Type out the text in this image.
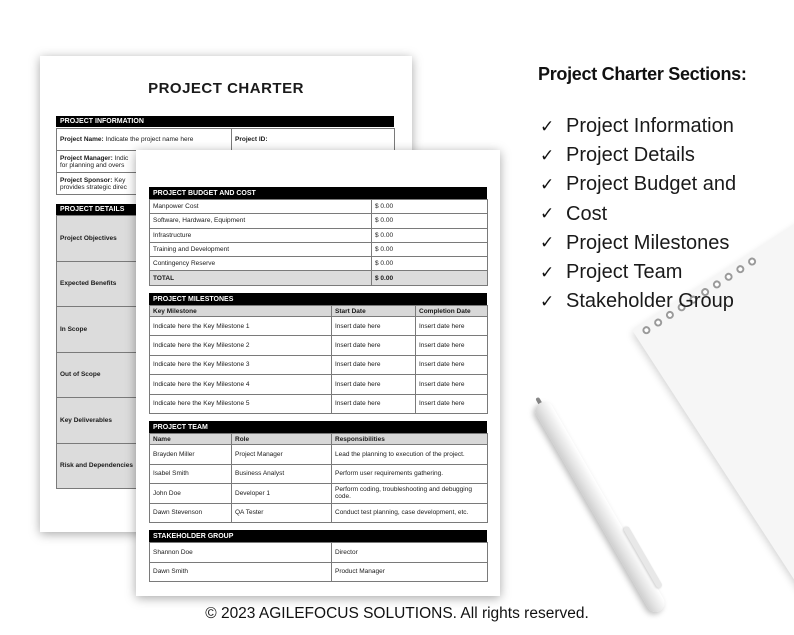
PROJECT CHARTER
PROJECT INFORMATION
Project Name: Indicate the project name here	Project ID:
Project Manager: Indic
for planning and overs	
Project Sponsor: Key
provides strategic direc	
PROJECT DETAILS
Project Objectives	
Expected Benefits	
In Scope	
Out of Scope	
Key Deliverables	
Risk and Dependencies	
PROJECT BUDGET AND COST
Manpower Cost	$ 0.00
Software, Hardware, Equipment	$ 0.00
Infrastructure	$ 0.00
Training and Development	$ 0.00
Contingency Reserve	$ 0.00
TOTAL	$ 0.00
PROJECT MILESTONES
Key Milestone	Start Date	Completion Date
Indicate here the Key Milestone 1	Insert date here	Insert date here
Indicate here the Key Milestone 2	Insert date here	Insert date here
Indicate here the Key Milestone 3	Insert date here	Insert date here
Indicate here the Key Milestone 4	Insert date here	Insert date here
Indicate here the Key Milestone 5	Insert date here	Insert date here
PROJECT TEAM
Name	Role	Responsibilities
Brayden Miller	Project Manager	Lead the planning to execution of the project.
Isabel Smith	Business Analyst	Perform user requirements gathering.
John Doe	Developer 1	Perform coding, troubleshooting and debugging code.
Dawn Stevenson	QA Tester	Conduct test planning, case development, etc.
STAKEHOLDER GROUP
Shannon Doe	Director
Dawn Smith	Product Manager
Project Charter Sections:
✓ Project Information
✓ Project Details
✓ Project Budget and
✓ Cost
✓ Project Milestones
✓ Project Team
✓ Stakeholder Group
© 2023 AGILEFOCUS SOLUTIONS. All rights reserved.
